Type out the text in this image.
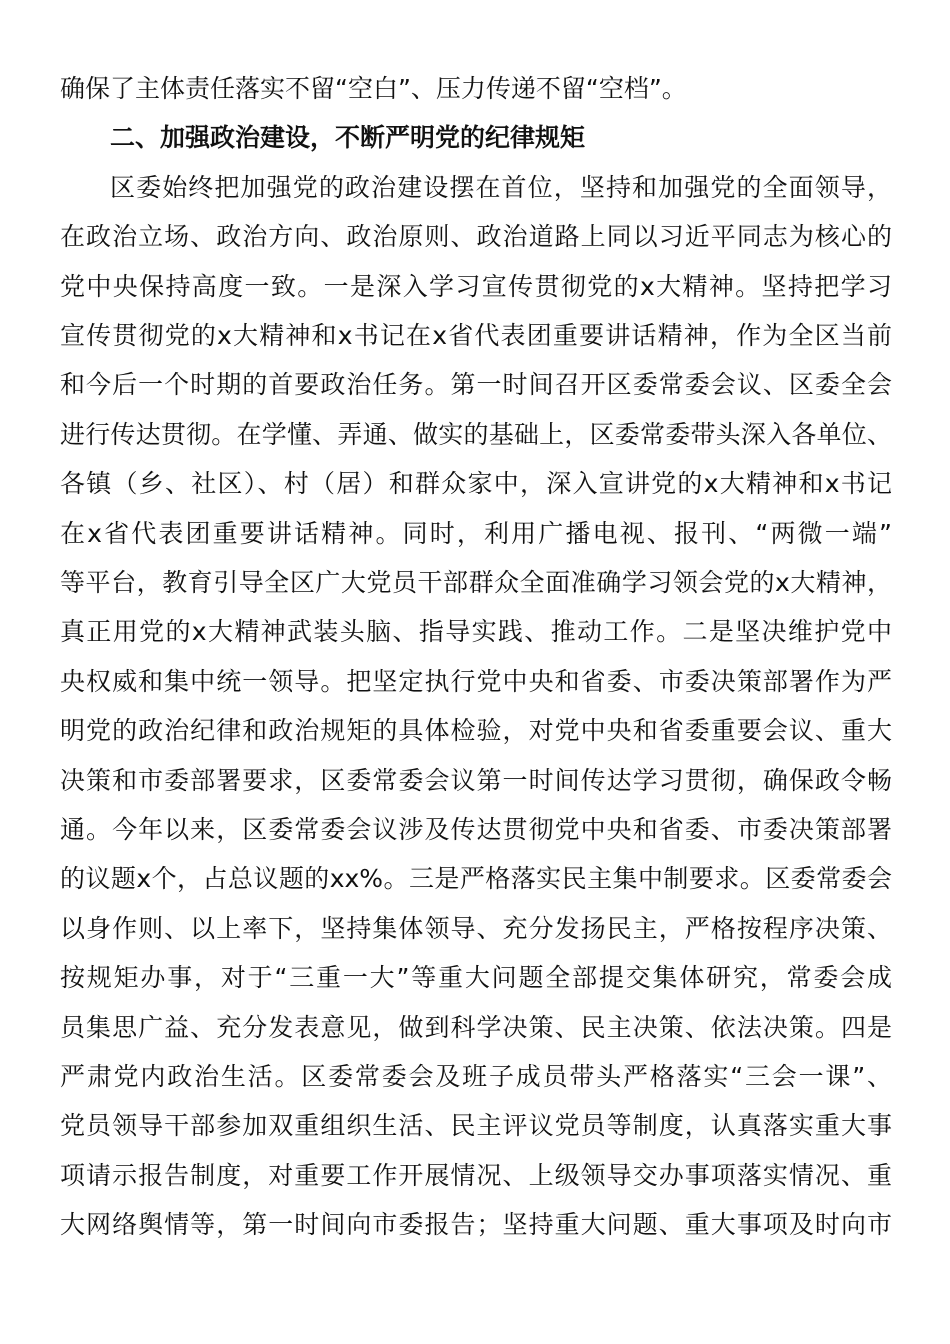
确保了主体责任落实不留“空白”、压力传递不留“空档”。
二、加强政治建设，不断严明党的纪律规矩
区委始终把加强党的政治建设摆在首位，坚持和加强党的全面领导，
在政治立场、政治方向、政治原则、政治道路上同以习近平同志为核心的
党中央保持高度一致。一是深入学习宣传贯彻党的x大精神。坚持把学习
宣传贯彻党的x大精神和x书记在x省代表团重要讲话精神，作为全区当前
和今后一个时期的首要政治任务。第一时间召开区委常委会议、区委全会
进行传达贯彻。在学懂、弄通、做实的基础上，区委常委带头深入各单位、
各镇（乡、社区）、村（居）和群众家中，深入宣讲党的x大精神和x书记
在x省代表团重要讲话精神。同时，利用广播电视、报刊、“两微一端”
等平台，教育引导全区广大党员干部群众全面准确学习领会党的x大精神，
真正用党的x大精神武装头脑、指导实践、推动工作。二是坚决维护党中
央权威和集中统一领导。把坚定执行党中央和省委、市委决策部署作为严
明党的政治纪律和政治规矩的具体检验，对党中央和省委重要会议、重大
决策和市委部署要求，区委常委会议第一时间传达学习贯彻，确保政令畅
通。今年以来，区委常委会议涉及传达贯彻党中央和省委、市委决策部署
的议题x个，占总议题的xx%。三是严格落实民主集中制要求。区委常委会
以身作则、以上率下，坚持集体领导、充分发扬民主，严格按程序决策、
按规矩办事，对于“三重一大”等重大问题全部提交集体研究，常委会成
员集思广益、充分发表意见，做到科学决策、民主决策、依法决策。四是
严肃党内政治生活。区委常委会及班子成员带头严格落实“三会一课”、
党员领导干部参加双重组织生活、民主评议党员等制度，认真落实重大事
项请示报告制度，对重要工作开展情况、上级领导交办事项落实情况、重
大网络舆情等，第一时间向市委报告；坚持重大问题、重大事项及时向市
